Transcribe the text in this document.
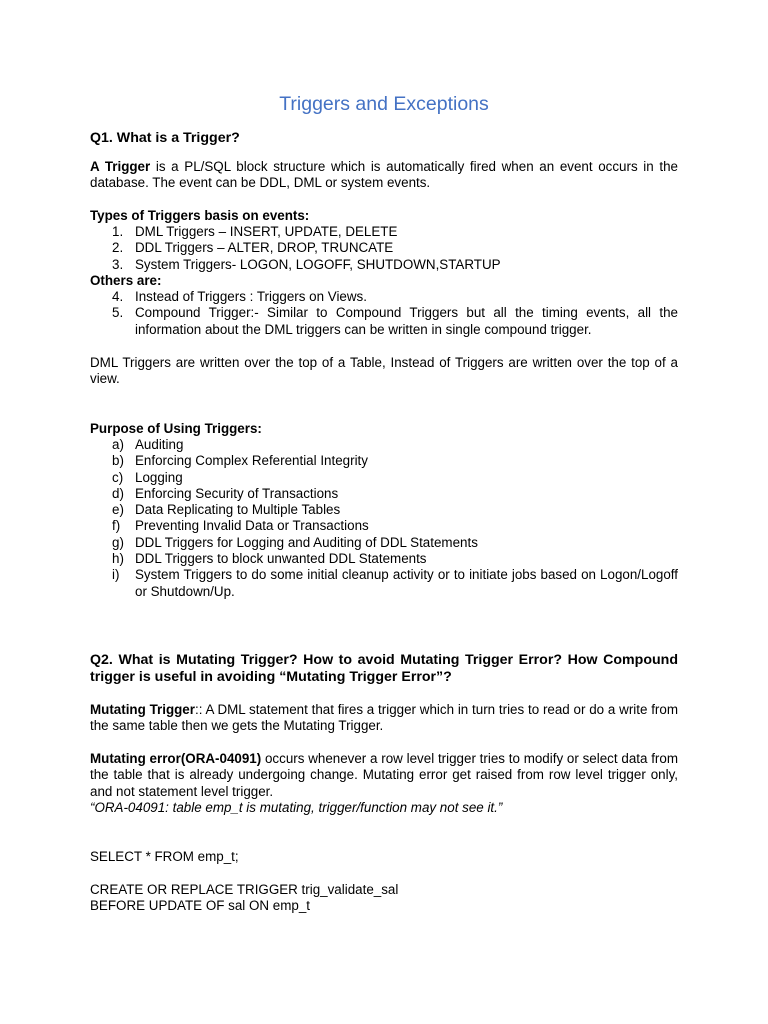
Triggers and Exceptions
Q1. What is a Trigger?

A Trigger is a PL/SQL block structure which is automatically fired when an event occurs in the database. The event can be DDL, DML or system events.

Types of Triggers basis on events:
1. DML Triggers – INSERT, UPDATE, DELETE
2. DDL Triggers – ALTER, DROP, TRUNCATE
3. System Triggers- LOGON, LOGOFF, SHUTDOWN,STARTUP
Others are:
4. Instead of Triggers : Triggers on Views.
5. Compound Trigger:- Similar to Compound Triggers but all the timing events, all the information about the DML triggers can be written in single compound trigger.

DML Triggers are written over the top of a Table, Instead of Triggers are written over the top of a view.

Purpose of Using Triggers:
a) Auditing
b) Enforcing Complex Referential Integrity
c) Logging
d) Enforcing Security of Transactions
e) Data Replicating to Multiple Tables
f)	Preventing Invalid Data or Transactions
g) DDL Triggers for Logging and Auditing of DDL Statements
h) DDL Triggers to block unwanted DDL Statements
i)	System Triggers to do some initial cleanup activity or to initiate jobs based on Logon/Logoff or Shutdown/Up.

Q2. What is Mutating Trigger? How to avoid Mutating Trigger Error? How Compound trigger is useful in avoiding “Mutating Trigger Error”?

Mutating Trigger:: A DML statement that fires a trigger which in turn tries to read or do a write from the same table then we gets the Mutating Trigger.

Mutating error(ORA-04091) occurs whenever a row level trigger tries to modify or select data from the table that is already undergoing change. Mutating error get raised from row level trigger only, and not statement level trigger.

“ORA-04091: table emp_t is mutating, trigger/function may not see it.”

SELECT * FROM emp_t;

CREATE OR REPLACE TRIGGER trig_validate_sal

BEFORE UPDATE OF sal ON emp_t
